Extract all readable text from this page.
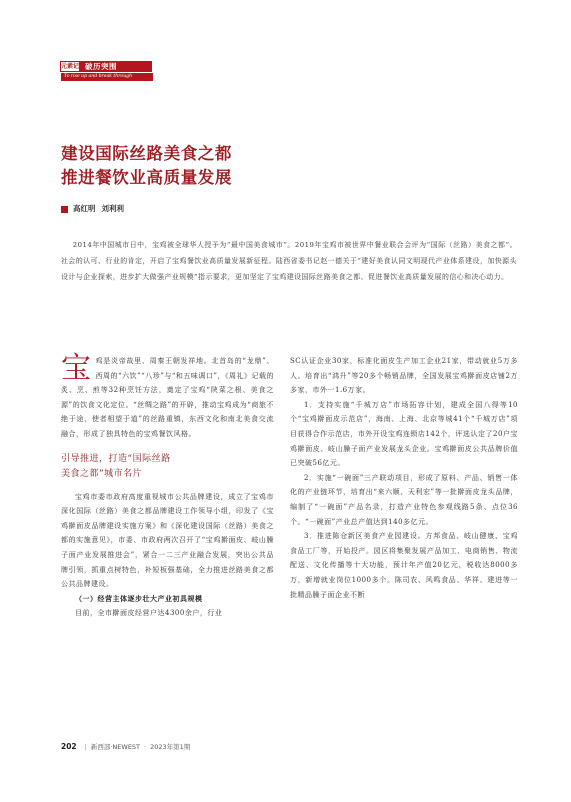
元素记 破历突围
To rise up and break through
建设国际丝路美食之都
推进餐饮业高质量发展
高红明 刘利利
2014年中国城市日中，宝鸡被全球华人授予为“最中国美食城市”。2019年宝鸡市被世界中餐业联合会评为“国际（丝路）美食之都”。社会的认可、行业的肯定，开启了宝鸡餐饮业高质量发展新征程。陆西省委书记赵一德关于“建好美食认同文明现代产业体系建设，加快源头设计与企业探索，进步扩大做强产业规模”指示要求，更加坚定了宝鸡建设国际丝路美食之都、促进餐饮业高质量发展的信心和决心动力。

宝鸡是炎帝故里、周秦王朝发祥地。北首岛的“龙鼎”、西周的“六饮”“八珍”与“和五味调口”，《周礼》记载的炙、烹、煎等32种烹饪方法，奠定了宝鸡“陕菜之根、美食之源”的饮食文化定位。“丝绸之路”的开辟，推动宝鸡成为“商旅不绝于途，使者相望于道”的丝路重镇，东西文化和南北美食交流融合，形成了独具特色的宝鸡餐饮风格。

引导推进，打造“国际丝路
美食之都”城市名片

宝鸡市委市政府高度重视城市公共品牌建设，成立了宝鸡市深化国际（丝路）美食之都品牌建设工作领导小组，印发了《宝鸡擀面皮品牌建设实施方案》和《深化建设国际（丝路）美食之都的实施意见》，市委、市政府两次召开了“宝鸡擀面皮、岐山臊子面产业发展推进会”，紧合一二三产业融合发展，突出公共品牌引领，抓重点树特色，补短板强基础，全力推进丝路美食之都公共品牌建设。

（一）经营主体逐步壮大产业初具规模

目前，全市擀面皮经营户达4300余户，行业

SC认证企业30家，标准化面皮生产加工企业21家，带动就业5万多人。培育出“鸿升”等20多个畅销品牌，全国发展宝鸡擀面皮店铺2万多家，市外一1.6万家。

1．支持实施“千城万店”市场拓容计划，建成全国八得等10个“宝鸡擀面皮示范店”，海南、上海、北京等城41个“千城万店”项目获得合作示范店，市外开设宝鸡连锁店142个，评选认定了20户宝鸡擀面皮、岐山臊子面产业发展龙头企业。宝鸡擀面皮公共品牌价值已突破56亿元。

2．实施“一碗面”三产联动项目，形成了原料、产品、销售一体化的产业链环节，培育出“来六顺、天利宏”等一批擀面皮龙头品牌，编制了“一碗面”产品名录，打造产业特色参观线路5条、点位36个。“一碗面”产业总产值达到140多亿元。

3．推进陈仓新区美食产业园建设。方邦食品、岐山健康、宝鸡食品工厂等，开始投产。园区将集聚发展产品加工、电商销售、物流配送、文化传播等十大功能，预计年产值20亿元，税收达8000多万，新增就业岗位1000多个。陈司农、风鸣食品、华祥、建进等一批精品臊子面企业不断

202 | 新西部·NEWEST · 2023年第1期
